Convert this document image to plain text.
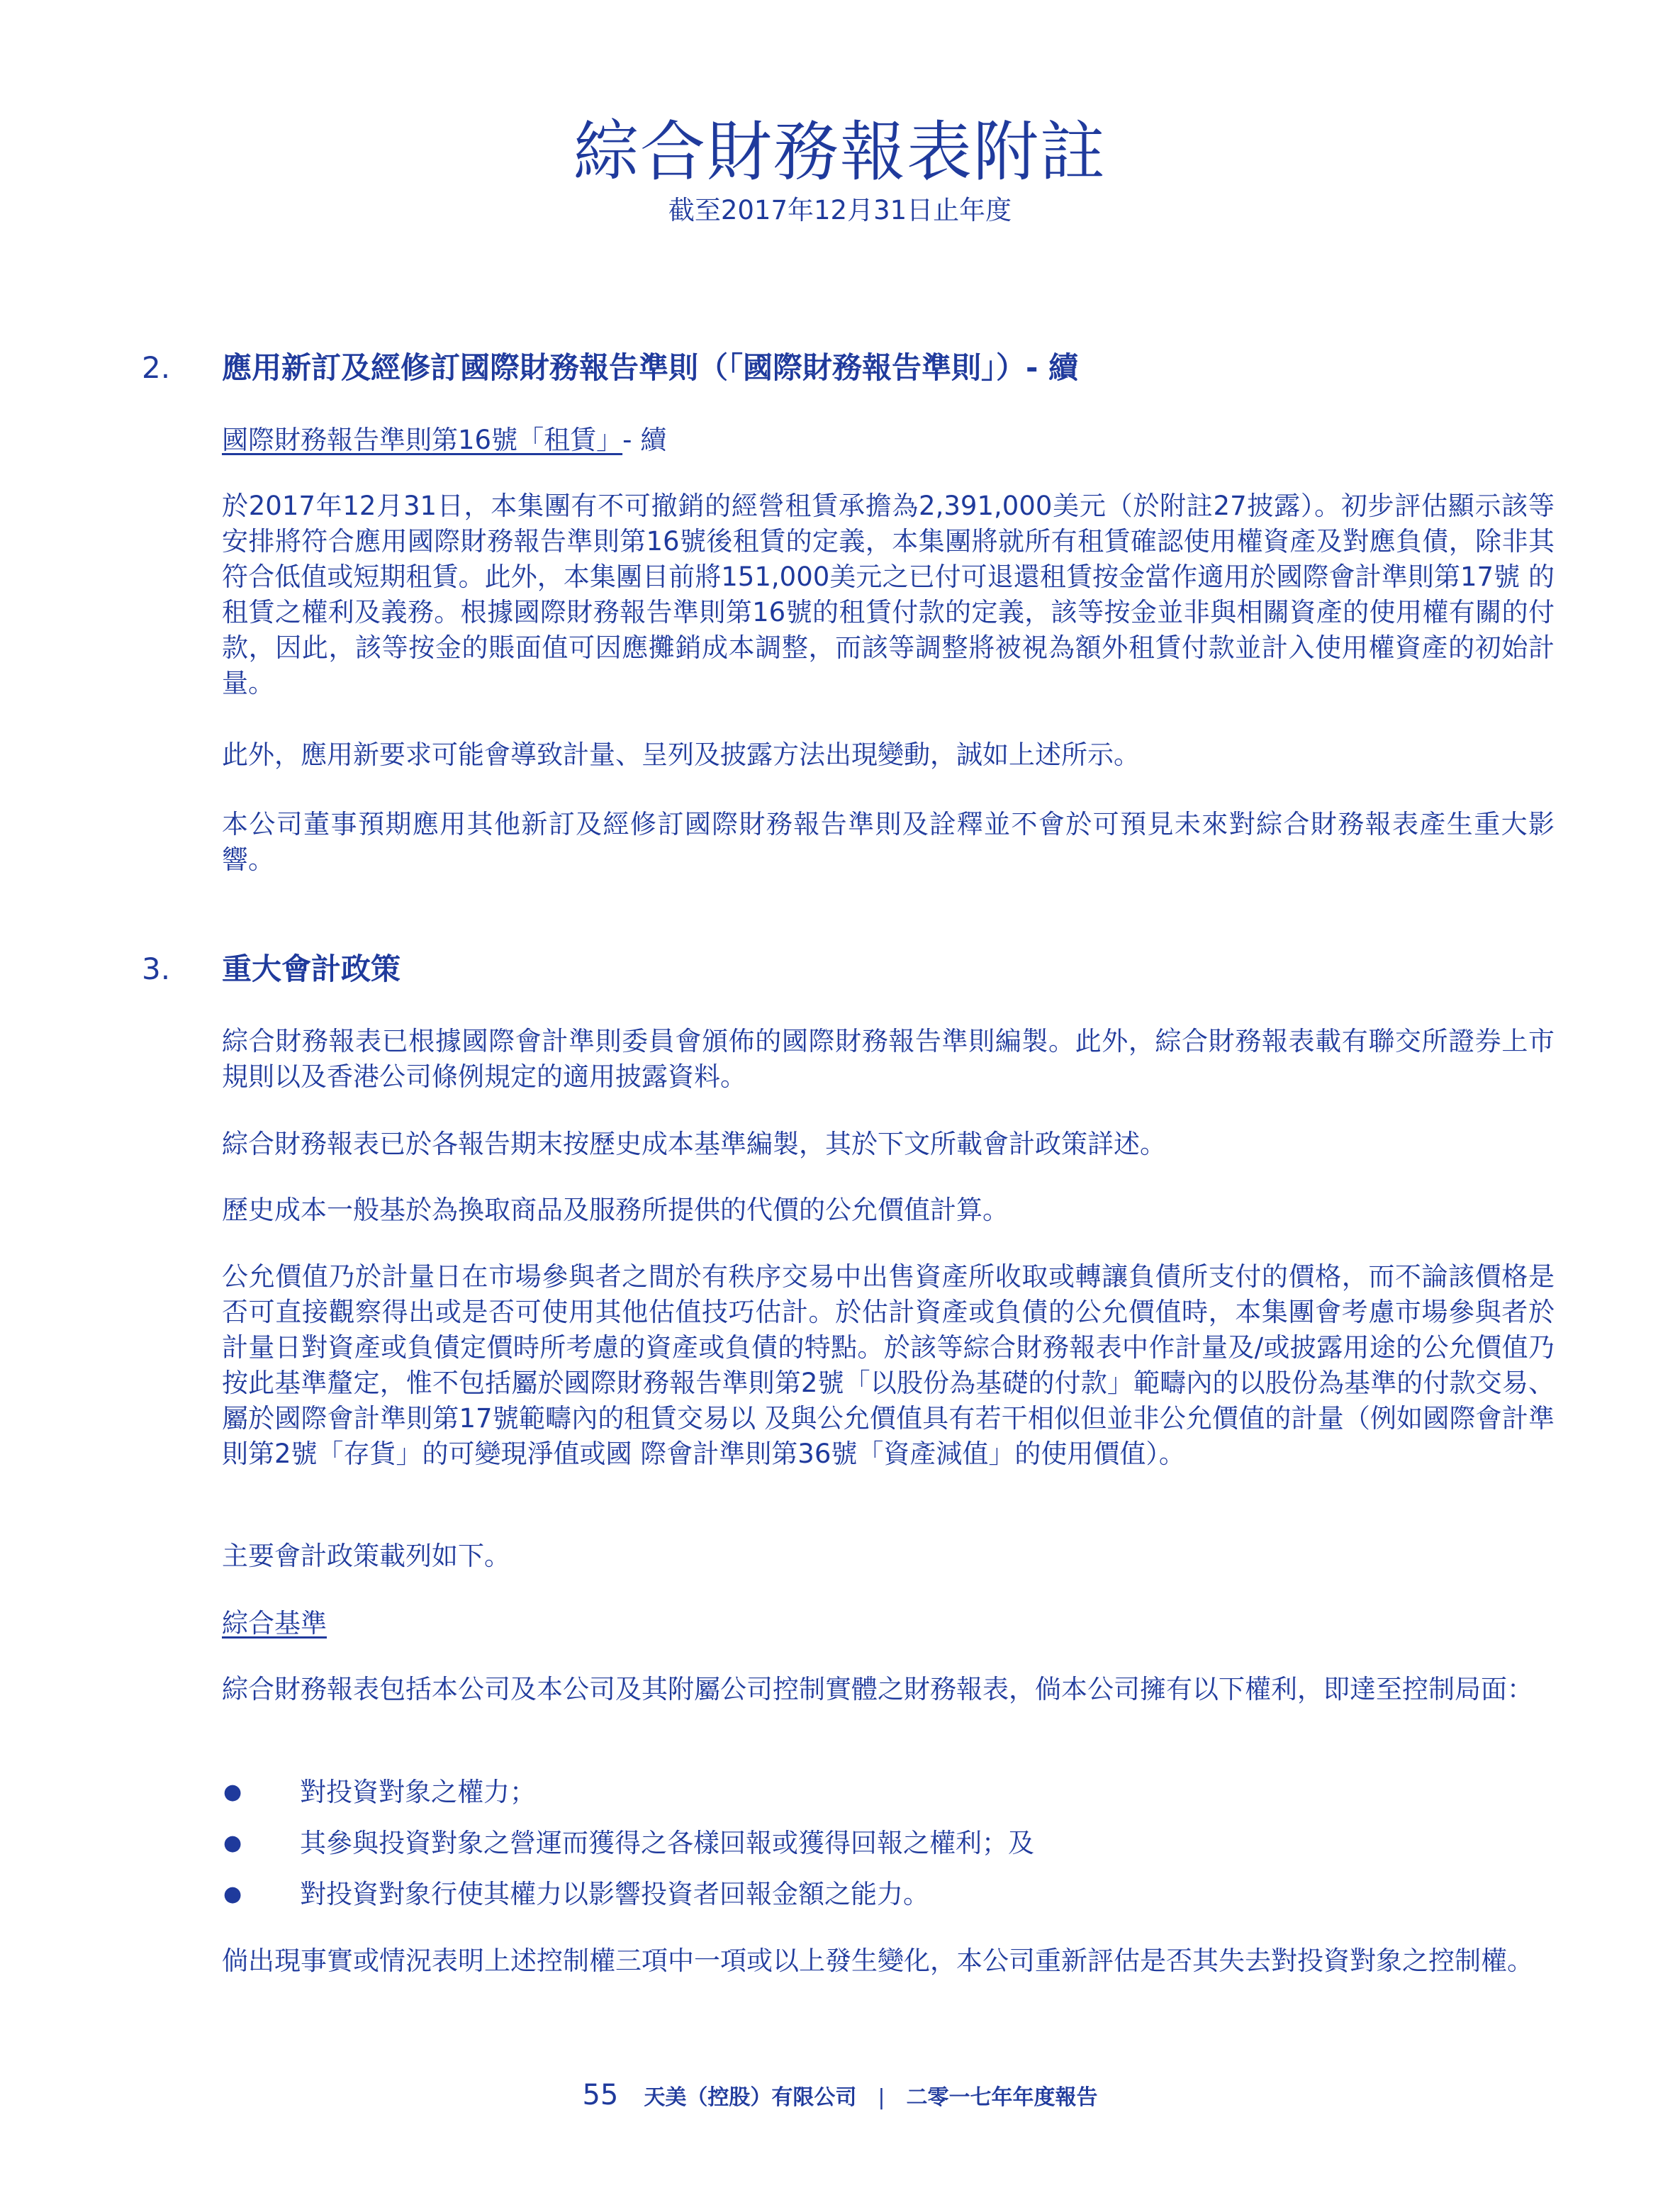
綜合財務報表附註
截至2017年12月31日止年度
2. 應用新訂及經修訂國際財務報告準則（「國際財務報告準則」）- 續

國際財務報告準則第16號「租賃」- 續

於2017年12月31日，本集團有不可撤銷的經營租賃承擔為2,391,000美元（於附註27披露）。初步評估顯示該等安排將符合應用國際財務報告準則第16號後租賃的定義，本集團將就所有租賃確認使用權資產及對應負債，除非其符合低值或短期租賃。此外，本集團目前將151,000美元之已付可退還租賃按金當作適用於國際會計準則第17號 的租賃之權利及義務。根據國際財務報告準則第16號的租賃付款的定義，該等按金並非與相關資產的使用權有關的付款，因此，該等按金的賬面值可因應攤銷成本調整，而該等調整將被視為額外租賃付款並計入使用權資產的初始計量。

此外，應用新要求可能會導致計量、呈列及披露方法出現變動，誠如上述所示。

本公司董事預期應用其他新訂及經修訂國際財務報告準則及詮釋並不會於可預見未來對綜合財務報表產生重大影響。

3. 重大會計政策

綜合財務報表已根據國際會計準則委員會頒佈的國際財務報告準則編製。此外，綜合財務報表載有聯交所證券上市規則以及香港公司條例規定的適用披露資料。

綜合財務報表已於各報告期末按歷史成本基準編製，其於下文所載會計政策詳述。

歷史成本一般基於為換取商品及服務所提供的代價的公允價值計算。

公允價值乃於計量日在市場參與者之間於有秩序交易中出售資產所收取或轉讓負債所支付的價格，而不論該價格是否可直接觀察得出或是否可使用其他估值技巧估計。於估計資產或負債的公允價值時，本集團會考慮市場參與者於計量日對資產或負債定價時所考慮的資產或負債的特點。於該等綜合財務報表中作計量及/或披露用途的公允價值乃按此基準釐定，惟不包括屬於國際財務報告準則第2號「以股份為基礎的付款」範疇內的以股份為基準的付款交易、屬於國際會計準則第17號範疇內的租賃交易以 及與公允價值具有若干相似但並非公允價值的計量（例如國際會計準則第2號「存貨」的可變現淨值或國 際會計準則第36號「資產減值」的使用價值）。

主要會計政策載列如下。

綜合基準

綜合財務報表包括本公司及本公司及其附屬公司控制實體之財務報表，倘本公司擁有以下權利，即達至控制局面：

● 對投資對象之權力；
● 其參與投資對象之營運而獲得之各樣回報或獲得回報之權利；及
● 對投資對象行使其權力以影響投資者回報金額之能力。

倘出現事實或情況表明上述控制權三項中一項或以上發生變化，本公司重新評估是否其失去對投資對象之控制權。

55 天美（控股）有限公司 | 二零一七年年度報告
